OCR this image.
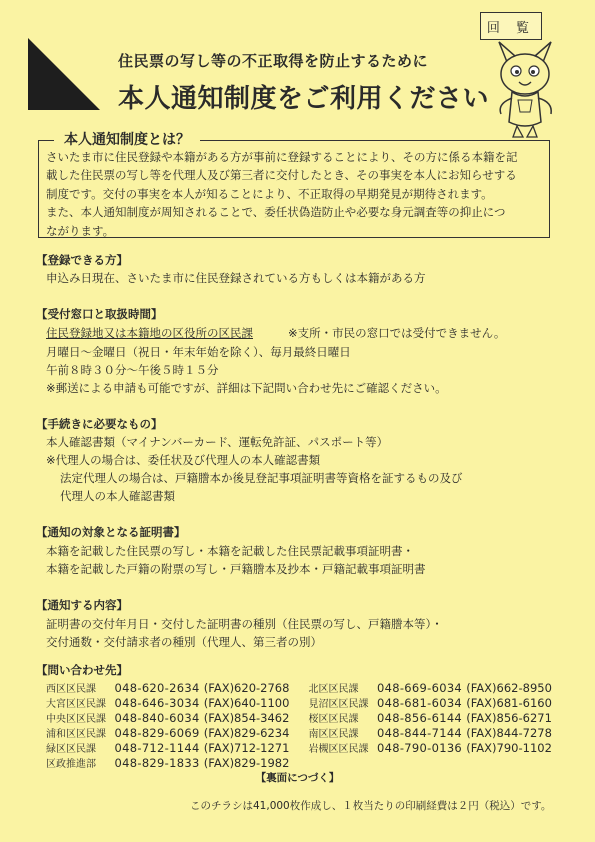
回 覧
住民票の写し等の不正取得を防止するために
本人通知制度をご利用ください
本人通知制度とは？

さいたま市に住民登録や本籍がある方が事前に登録することにより、その方に係る本籍を記

載した住民票の写し等を代理人及び第三者に交付したとき、その事実を本人にお知らせする

制度です。交付の事実を本人が知ることにより、不正取得の早期発見が期待されます。

また、本人通知制度が周知されることで、委任状偽造防止や必要な身元調査等の抑止につ

ながります。

【登録できる方】
申込み日現在、さいたま市に住民登録されている方もしくは本籍がある方
【受付窓口と取扱時間】
住民登録地又は本籍地の区役所の区民課	※支所・市民の窓口では受付できません。
月曜日～金曜日（祝日・年末年始を除く）、毎月最終日曜日
午前８時３０分～午後５時１５分
※郵送による申請も可能ですが、詳細は下記問い合わせ先にご確認ください。
【手続きに必要なもの】
本人確認書類（マイナンバーカード、運転免許証、パスポート等）
※代理人の場合は、委任状及び代理人の本人確認書類
法定代理人の場合は、戸籍謄本か後見登記事項証明書等資格を証するもの及び
代理人の本人確認書類
【通知の対象となる証明書】
本籍を記載した住民票の写し・本籍を記載した住民票記載事項証明書・
本籍を記載した戸籍の附票の写し・戸籍謄本及抄本・戸籍記載事項証明書
【通知する内容】
証明書の交付年月日・交付した証明書の種別（住民票の写し、戸籍謄本等）・
交付通数・交付請求者の種別（代理人、第三者の別）
【問い合わせ先】
西区区民課	048-620-2634	(FAX)620-2768	北区区民課	048-669-6034	(FAX)662-8950
大宮区区民課	048-646-3034	(FAX)640-1100	見沼区区民課	048-681-6034	(FAX)681-6160
中央区区民課	048-840-6034	(FAX)854-3462	桜区区民課	048-856-6144	(FAX)856-6271
浦和区区民課	048-829-6069	(FAX)829-6234	南区区民課	048-844-7144	(FAX)844-7278
緑区区民課	048-712-1144	(FAX)712-1271	岩槻区区民課	048-790-0136	(FAX)790-1102
区政推進部	048-829-1833	(FAX)829-1982			
【裏面につづく】
このチラシは41,000枚作成し、１枚当たりの印刷経費は２円（税込）です。
